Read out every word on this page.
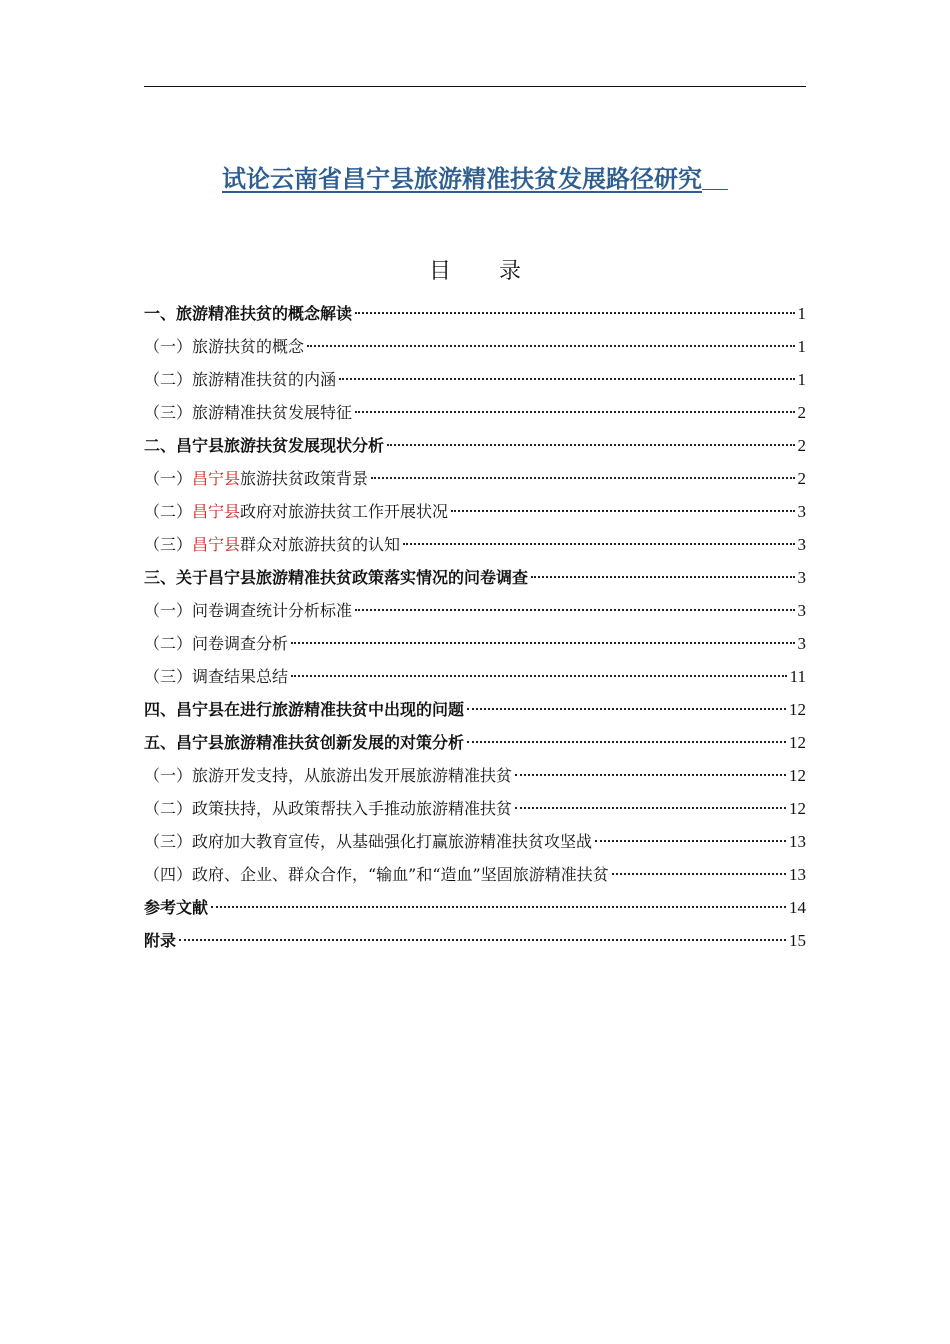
试论云南省昌宁县旅游精准扶贫发展路径研究
目录
一、旅游精准扶贫的概念解读	1
（一）旅游扶贫的概念	1
（二）旅游精准扶贫的内涵	1
（三）旅游精准扶贫发展特征	2
二、昌宁县旅游扶贫发展现状分析	2
（一）昌宁县旅游扶贫政策背景	2
（二）昌宁县政府对旅游扶贫工作开展状况	3
（三）昌宁县群众对旅游扶贫的认知	3
三、关于昌宁县旅游精准扶贫政策落实情况的问卷调查	3
（一）问卷调查统计分析标准	3
（二）问卷调查分析	3
（三）调查结果总结	11
四、昌宁县在进行旅游精准扶贫中出现的问题	12
五、昌宁县旅游精准扶贫创新发展的对策分析	12
（一）旅游开发支持，从旅游出发开展旅游精准扶贫	12
（二）政策扶持，从政策帮扶入手推动旅游精准扶贫	12
（三）政府加大教育宣传，从基础强化打赢旅游精准扶贫攻坚战	13
（四）政府、企业、群众合作，“输血”和“造血”坚固旅游精准扶贫	13
参考文献	14
附录	15
